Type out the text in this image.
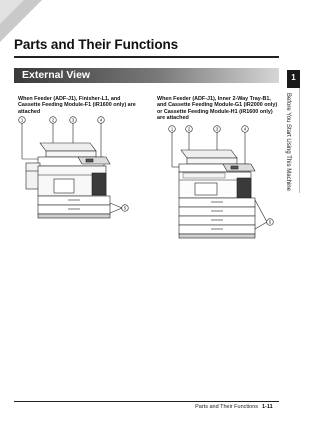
Parts and Their Functions
External View
When Feeder (ADF-J1), Finisher-L1, and Cassette Feeding Module-F1 (iR1600 only) are attached
When Feeder (ADF-J1), Inner 2-Way Tray-B1, and Cassette Feeding Module-G1 (iR2000 only) or Cassette Feeding Module-H1 (iR1600 only) are attached
1	2	3	4
5
1	2	3	4
5
1
Before You Start Using This Machine
Parts and Their Functions 1-11
